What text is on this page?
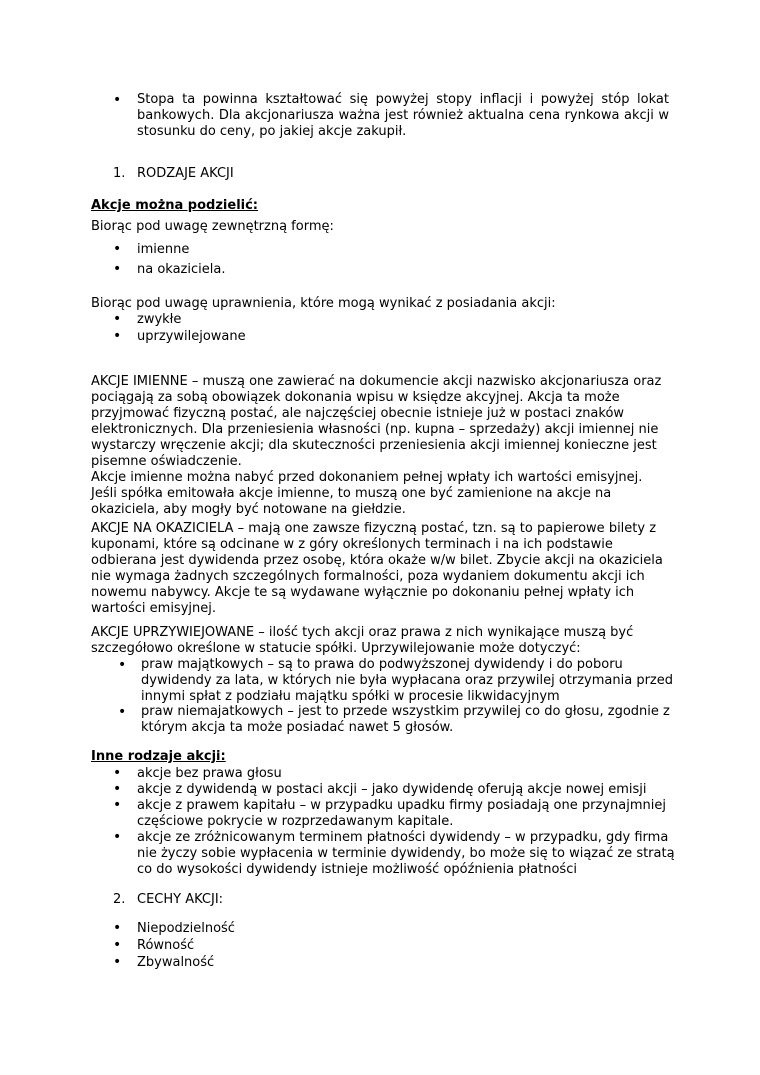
• Stopa ta powinna kształtować się powyżej stopy inflacji i powyżej stóp lokat
bankowych. Dla akcjonariusza ważna jest również aktualna cena rynkowa akcji w
stosunku do ceny, po jakiej akcje zakupił.
1. RODZAJE AKCJI
Akcje można podzielić:
Biorąc pod uwagę zewnętrzną formę:
• imienne
• na okaziciela.
Biorąc pod uwagę uprawnienia, które mogą wynikać z posiadania akcji:
• zwykłe
• uprzywilejowane
AKCJE IMIENNE – muszą one zawierać na dokumencie akcji nazwisko akcjonariusza oraz
pociągają za sobą obowiązek dokonania wpisu w księdze akcyjnej. Akcja ta może
przyjmować fizyczną postać, ale najczęściej obecnie istnieje już w postaci znaków
elektronicznych. Dla przeniesienia własności (np. kupna – sprzedaży) akcji imiennej nie
wystarczy wręczenie akcji; dla skuteczności przeniesienia akcji imiennej konieczne jest
pisemne oświadczenie.
Akcje imienne można nabyć przed dokonaniem pełnej wpłaty ich wartości emisyjnej.
Jeśli spółka emitowała akcje imienne, to muszą one być zamienione na akcje na
okaziciela, aby mogły być notowane na giełdzie.
AKCJE NA OKAZICIELA – mają one zawsze fizyczną postać, tzn. są to papierowe bilety z
kuponami, które są odcinane w z góry określonych terminach i na ich podstawie
odbierana jest dywidenda przez osobę, która okaże w/w bilet. Zbycie akcji na okaziciela
nie wymaga żadnych szczególnych formalności, poza wydaniem dokumentu akcji ich
nowemu nabywcy. Akcje te są wydawane wyłącznie po dokonaniu pełnej wpłaty ich
wartości emisyjnej.
AKCJE UPRZYWIEJOWANE – ilość tych akcji oraz prawa z nich wynikające muszą być
szczegółowo określone w statucie spółki. Uprzywilejowanie może dotyczyć:
• praw majątkowych – są to prawa do podwyższonej dywidendy i do poboru
dywidendy za lata, w których nie była wypłacana oraz przywilej otrzymania przed
innymi spłat z podziału majątku spółki w procesie likwidacyjnym
• praw niemajatkowych – jest to przede wszystkim przywilej co do głosu, zgodnie z
którym akcja ta może posiadać nawet 5 głosów.
Inne rodzaje akcji:
• akcje bez prawa głosu
• akcje z dywidendą w postaci akcji – jako dywidendę oferują akcje nowej emisji
• akcje z prawem kapitału – w przypadku upadku firmy posiadają one przynajmniej
częściowe pokrycie w rozprzedawanym kapitale.
• akcje ze zróżnicowanym terminem płatności dywidendy – w przypadku, gdy firma
nie życzy sobie wypłacenia w terminie dywidendy, bo może się to wiązać ze stratą
co do wysokości dywidendy istnieje możliwość opóźnienia płatności
2. CECHY AKCJI:
• Niepodzielność
• Równość
• Zbywalność
